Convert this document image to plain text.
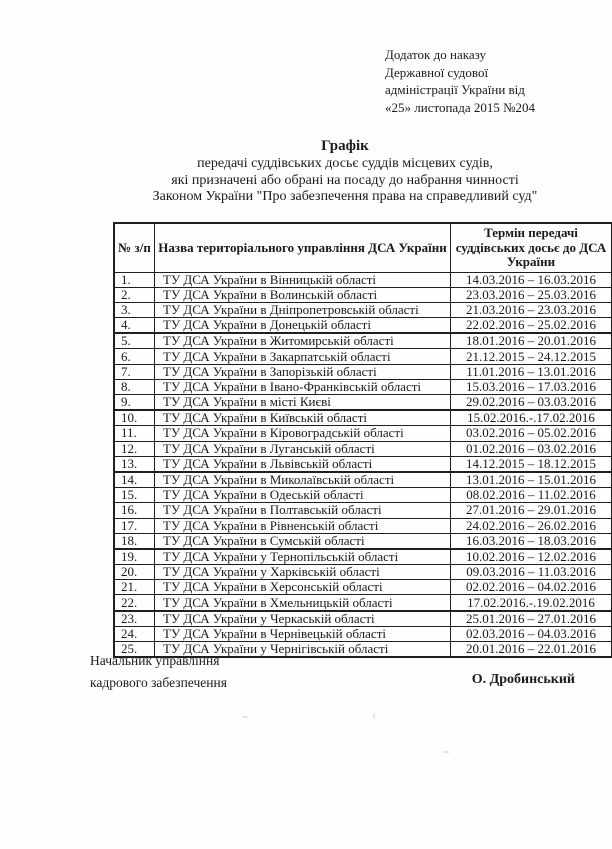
Додаток до наказу
Державної судової
адміністрації України від
«25» листопада 2015 №204
Графік
передачі суддівських досьє суддів місцевих судів,
які призначені або обрані на посаду до набрання чинності
Законом України "Про забезпечення права на справедливий суд"
№ з/п	Назва територіального управління ДСА України	Термін передачі суддівських досьє до ДСА України
1.	ТУ ДСА України в Вінницькій області	14.03.2016 – 16.03.2016
2.	ТУ ДСА України в Волинській області	23.03.2016 – 25.03.2016
3.	ТУ ДСА України в Дніпропетровській області	21.03.2016 – 23.03.2016
4.	ТУ ДСА України в Донецькій області	22.02.2016 – 25.02.2016
5.	ТУ ДСА України в Житомирській області	18.01.2016 – 20.01.2016
6.	ТУ ДСА України в Закарпатській області	21.12.2015 – 24.12.2015
7.	ТУ ДСА України в Запорізькій області	11.01.2016 – 13.01.2016
8.	ТУ ДСА України в Івано-Франківській області	15.03.2016 – 17.03.2016
9.	ТУ ДСА України в місті Києві	29.02.2016 – 03.03.2016
10.	ТУ ДСА України в Київській області	15.02.2016.-.17.02.2016
11.	ТУ ДСА України в Кіровоградській області	03.02.2016 – 05.02.2016
12.	ТУ ДСА України в Луганській області	01.02.2016 – 03.02.2016
13.	ТУ ДСА України в Львівській області	14.12.2015 – 18.12.2015
14.	ТУ ДСА України в Миколаївській області	13.01.2016 – 15.01.2016
15.	ТУ ДСА України в Одеській області	08.02.2016 – 11.02.2016
16.	ТУ ДСА України в Полтавській області	27.01.2016 – 29.01.2016
17.	ТУ ДСА України в Рівненській області	24.02.2016 – 26.02.2016
18.	ТУ ДСА України в Сумській області	16.03.2016 – 18.03.2016
19.	ТУ ДСА України у Тернопільській області	10.02.2016 – 12.02.2016
20.	ТУ ДСА України у Харківській області	09.03.2016 – 11.03.2016
21.	ТУ ДСА України в Херсонській області	02.02.2016 – 04.02.2016
22.	ТУ ДСА України в Хмельницькій області	17.02.2016.-.19.02.2016
23.	ТУ ДСА України у Черкаській області	25.01.2016 – 27.01.2016
24.	ТУ ДСА України в Чернівецькій області	02.03.2016 – 04.03.2016
25.	ТУ ДСА України у Чернігівській області	20.01.2016 – 22.01.2016
Начальник управління
кадрового забезпечення	О. Дробинський
